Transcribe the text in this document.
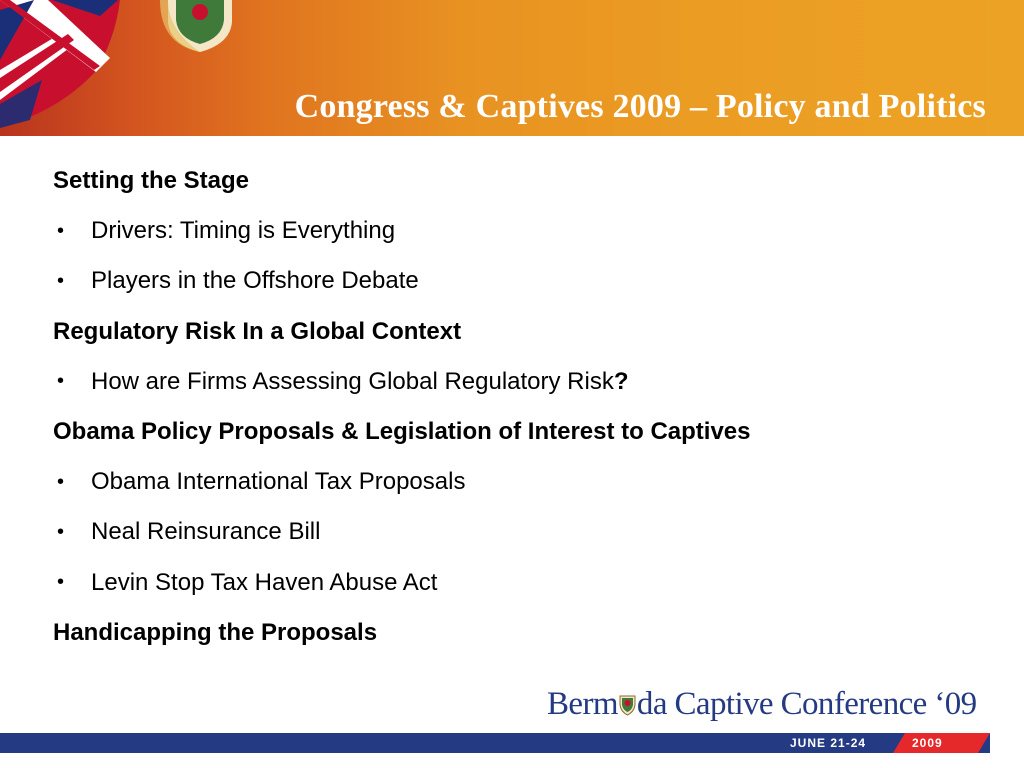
Congress & Captives 2009 – Policy and Politics
Setting the Stage
•	Drivers: Timing is Everything
•	Players in the Offshore Debate
Regulatory Risk In a Global Context
•	How are Firms Assessing Global Regulatory Risk ?
Obama Policy Proposals & Legislation of Interest to Captives
•	Obama International Tax Proposals
•	Neal Reinsurance Bill
•	Levin Stop Tax Haven Abuse Act
Handicapping the Proposals
Berm da Captive Conference ‘09
JUNE 21-24	2009
